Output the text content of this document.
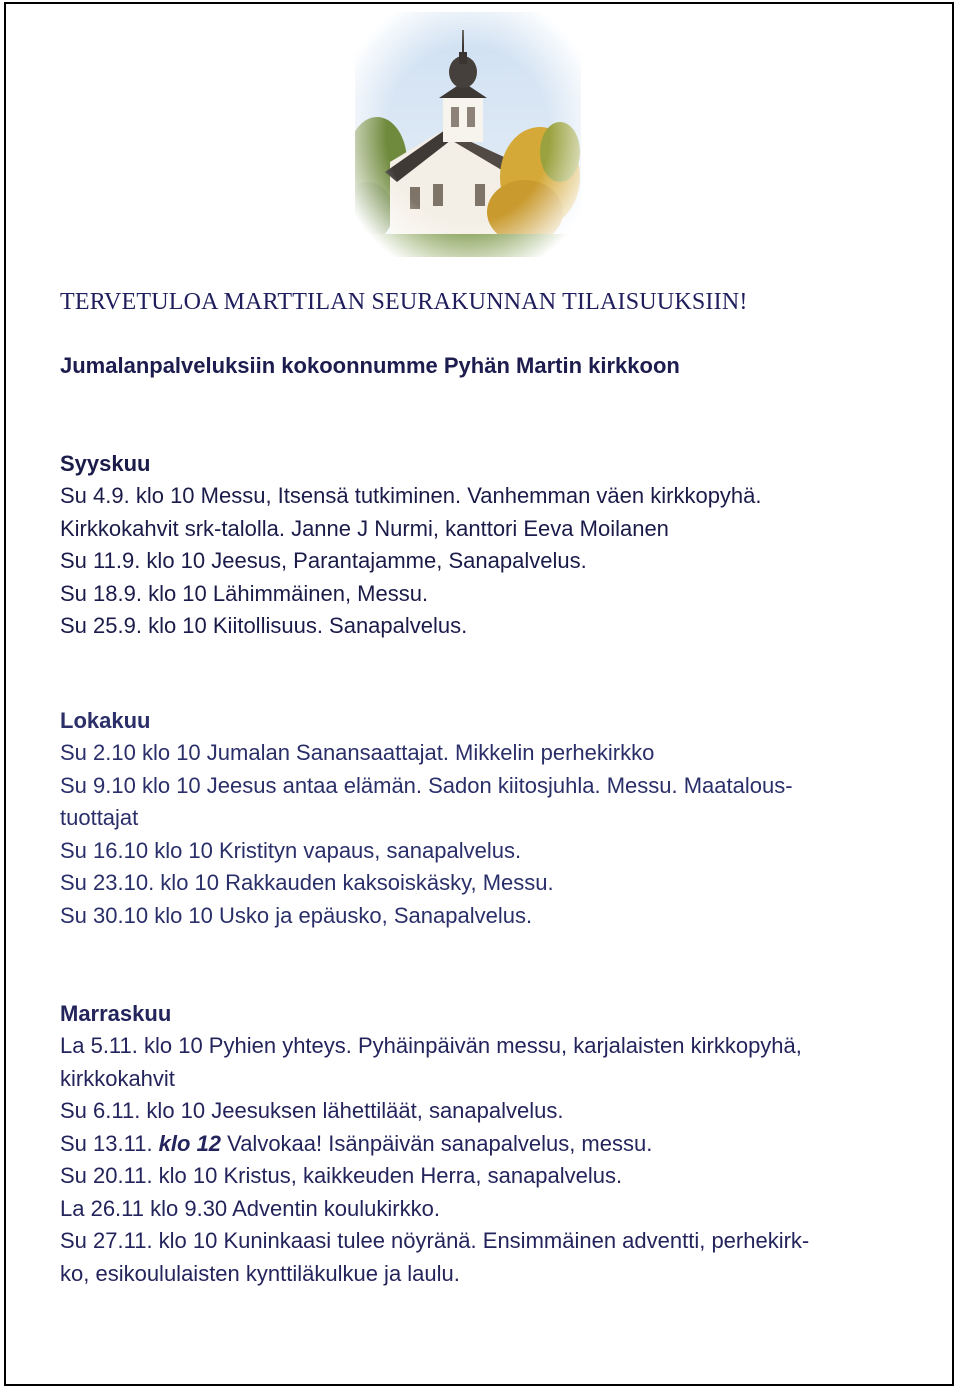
TERVETULOA MARTTILAN SEURAKUNNAN TILAISUUKSIIN!
Jumalanpalveluksiin kokoonnumme Pyhän Martin kirkkoon
Syyskuu
Su 4.9. klo 10 Messu, Itsensä tutkiminen. Vanhemman väen kirkkopyhä.
Kirkkokahvit srk-talolla. Janne J Nurmi, kanttori Eeva Moilanen
Su 11.9. klo 10 Jeesus, Parantajamme, Sanapalvelus.
Su 18.9. klo 10 Lähimmäinen, Messu.
Su 25.9. klo 10 Kiitollisuus. Sanapalvelus.
Lokakuu
Su 2.10 klo 10 Jumalan Sanansaattajat. Mikkelin perhekirkko
Su 9.10 klo 10 Jeesus antaa elämän. Sadon kiitosjuhla. Messu. Maatalous-
tuottajat
Su 16.10 klo 10 Kristityn vapaus, sanapalvelus.
Su 23.10. klo 10 Rakkauden kaksoiskäsky, Messu.
Su 30.10 klo 10 Usko ja epäusko, Sanapalvelus.
Marraskuu
La 5.11. klo 10 Pyhien yhteys. Pyhäinpäivän messu, karjalaisten kirkkopyhä,
kirkkokahvit
Su 6.11. klo 10 Jeesuksen lähettiläät, sanapalvelus.
Su 13.11. klo 12 Valvokaa! Isänpäivän sanapalvelus, messu.
Su 20.11. klo 10 Kristus, kaikkeuden Herra, sanapalvelus.
La 26.11 klo 9.30 Adventin koulukirkko.
Su 27.11. klo 10 Kuninkaasi tulee nöyränä. Ensimmäinen adventti, perhekirk-
ko, esikoululaisten kynttiläkulkue ja laulu.
